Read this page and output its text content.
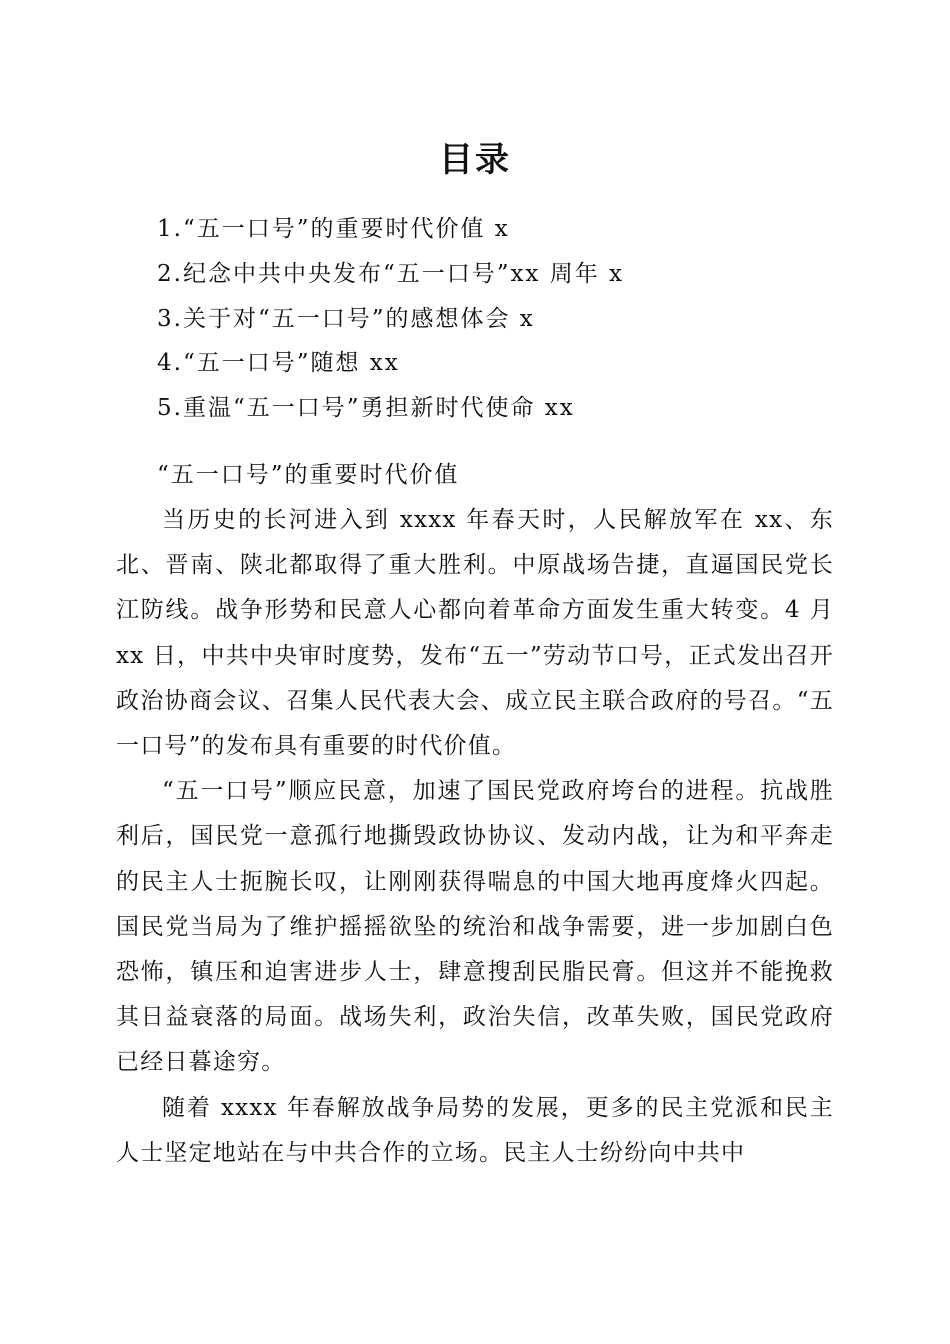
目录
1.“五一口号”的重要时代价值 x
2.纪念中共中央发布“五一口号”xx 周年 x
3.关于对“五一口号”的感想体会 x
4.“五一口号”随想 xx
5.重温“五一口号”勇担新时代使命 xx
“五一口号”的重要时代价值

当历史的长河进入到 xxxx 年春天时，人民解放军在 xx、东北、晋南、陕北都取得了重大胜利。中原战场告捷，直逼国民党长江防线。战争形势和民意人心都向着革命方面发生重大转变。4 月 xx 日，中共中央审时度势，发布“五一”劳动节口号，正式发出召开政治协商会议、召集人民代表大会、成立民主联合政府的号召。“五一口号”的发布具有重要的时代价值。

“五一口号”顺应民意，加速了国民党政府垮台的进程。抗战胜利后，国民党一意孤行地撕毁政协协议、发动内战，让为和平奔走的民主人士扼腕长叹，让刚刚获得喘息的中国大地再度烽火四起。国民党当局为了维护摇摇欲坠的统治和战争需要，进一步加剧白色恐怖，镇压和迫害进步人士，肆意搜刮民脂民膏。但这并不能挽救其日益衰落的局面。战场失利，政治失信，改革失败，国民党政府已经日暮途穷。

随着 xxxx 年春解放战争局势的发展，更多的民主党派和民主人士坚定地站在与中共合作的立场。民主人士纷纷向中共中
